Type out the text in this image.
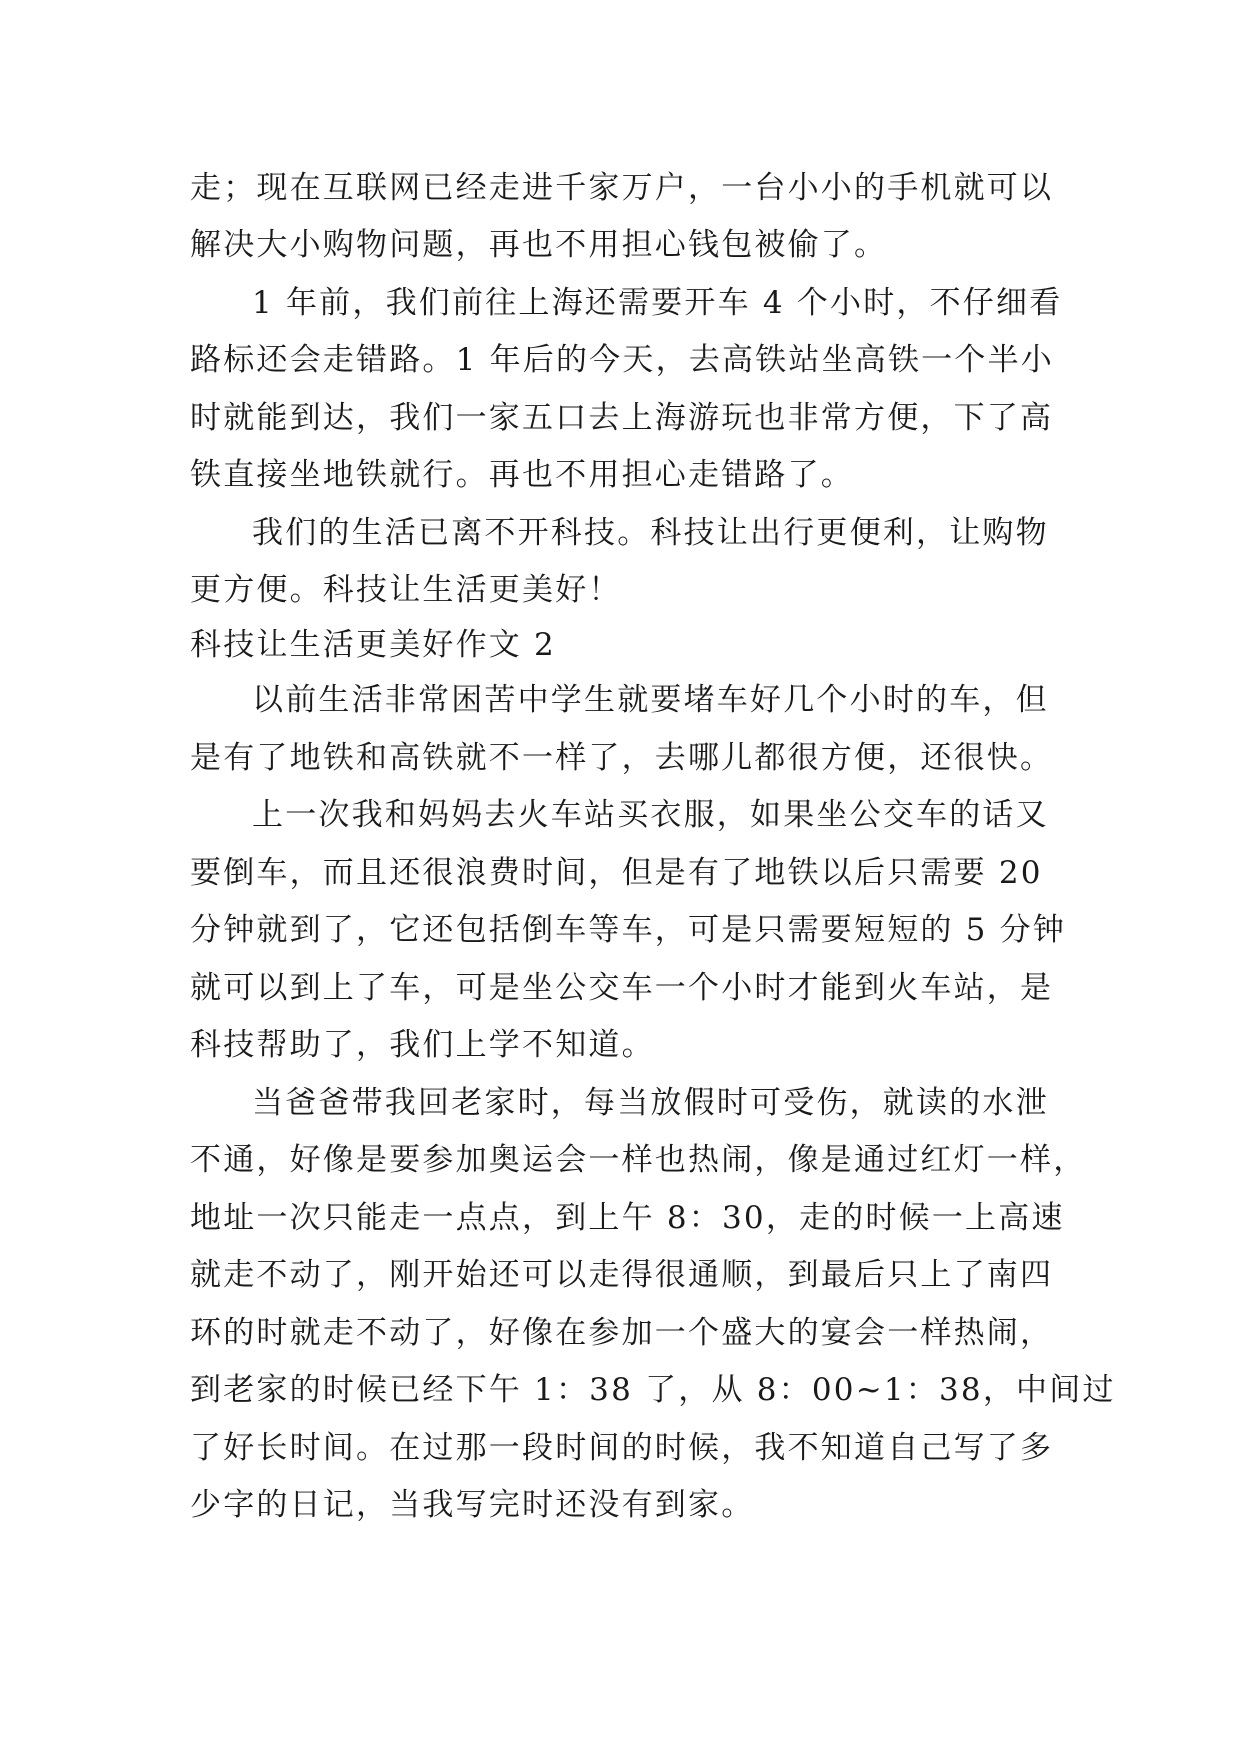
走；现在互联网已经走进千家万户，一台小小的手机就可以
解决大小购物问题，再也不用担心钱包被偷了。
1 年前，我们前往上海还需要开车 4 个小时，不仔细看
路标还会走错路。1 年后的今天，去高铁站坐高铁一个半小
时就能到达，我们一家五口去上海游玩也非常方便，下了高
铁直接坐地铁就行。再也不用担心走错路了。
我们的生活已离不开科技。科技让出行更便利，让购物
更方便。科技让生活更美好！
科技让生活更美好作文 2
以前生活非常困苦中学生就要堵车好几个小时的车，但
是有了地铁和高铁就不一样了，去哪儿都很方便，还很快。
上一次我和妈妈去火车站买衣服，如果坐公交车的话又
要倒车，而且还很浪费时间，但是有了地铁以后只需要 20
分钟就到了，它还包括倒车等车，可是只需要短短的 5 分钟
就可以到上了车，可是坐公交车一个小时才能到火车站，是
科技帮助了，我们上学不知道。
当爸爸带我回老家时，每当放假时可受伤，就读的水泄
不通，好像是要参加奥运会一样也热闹，像是通过红灯一样，
地址一次只能走一点点，到上午 8：30，走的时候一上高速
就走不动了，刚开始还可以走得很通顺，到最后只上了南四
环的时就走不动了，好像在参加一个盛大的宴会一样热闹，
到老家的时候已经下午 1：38 了，从 8：00~1：38，中间过
了好长时间。在过那一段时间的时候，我不知道自己写了多
少字的日记，当我写完时还没有到家。
